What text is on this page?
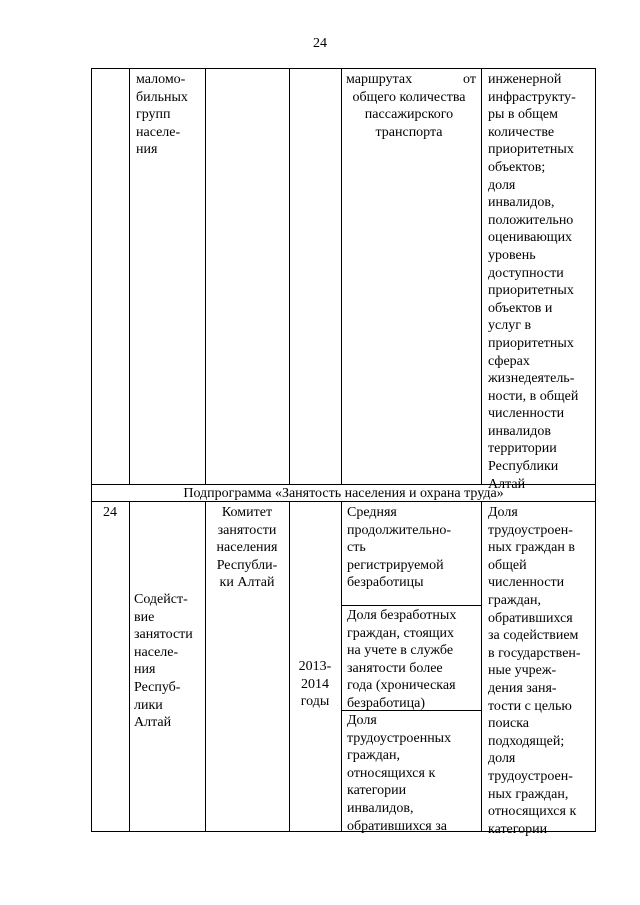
24
маломо-
бильных
групп
населе-
ния
маршрутах от
общего количества
пассажирского
транспорта
инженерной
инфраструкту-
ры в общем
количестве
приоритетных
объектов;
доля
инвалидов,
положительно
оценивающих
уровень
доступности
приоритетных
объектов и
услуг в
приоритетных
сферах
жизнедеятель-
ности, в общей
численности
инвалидов
территории
Республики
Алтай
Подпрограмма «Занятость населения и охрана труда»
24
Содейст-
вие
занятости
населе-
ния
Респуб-
лики
Алтай
Комитет
занятости
населения
Республи-
ки Алтай
2013-
2014
годы
Средняя
продолжительно-
сть
регистрируемой
безработицы
Доля безработных
граждан, стоящих
на учете в службе
занятости более
года (хроническая
безработица)
Доля
трудоустроенных
граждан,
относящихся к
категории
инвалидов,
обратившихся за
Доля
трудоустроен-
ных граждан в
общей
численности
граждан,
обратившихся
за содействием
в государствен-
ные учреж-
дения заня-
тости с целью
поиска
подходящей;
доля
трудоустроен-
ных граждан,
относящихся к
категории
